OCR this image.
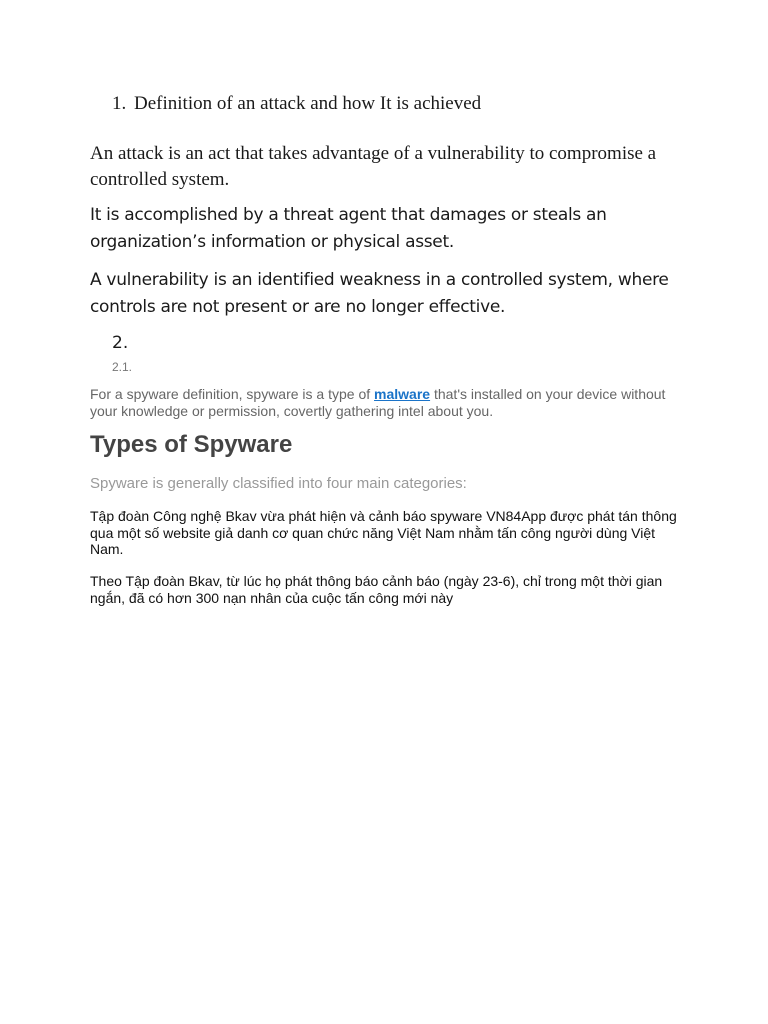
1. Definition of an attack and how It is achieved

An attack is an act that takes advantage of a vulnerability to compromise a controlled system.

It is accomplished by a threat agent that damages or steals an organization’s information or physical asset.

A vulnerability is an identified weakness in a controlled system, where controls are not present or are no longer effective.

2.
2.1.

For a spyware definition, spyware is a type of malware that's installed on your device without your knowledge or permission, covertly gathering intel about you.

Types of Spyware

Spyware is generally classified into four main categories:

Tập đoàn Công nghệ Bkav vừa phát hiện và cảnh báo spyware VN84App được phát tán thông qua một số website giả danh cơ quan chức năng Việt Nam nhằm tấn công người dùng Việt Nam.

Theo Tập đoàn Bkav, từ lúc họ phát thông báo cảnh báo (ngày 23-6), chỉ trong một thời gian ngắn, đã có hơn 300 nạn nhân của cuộc tấn công mới này
